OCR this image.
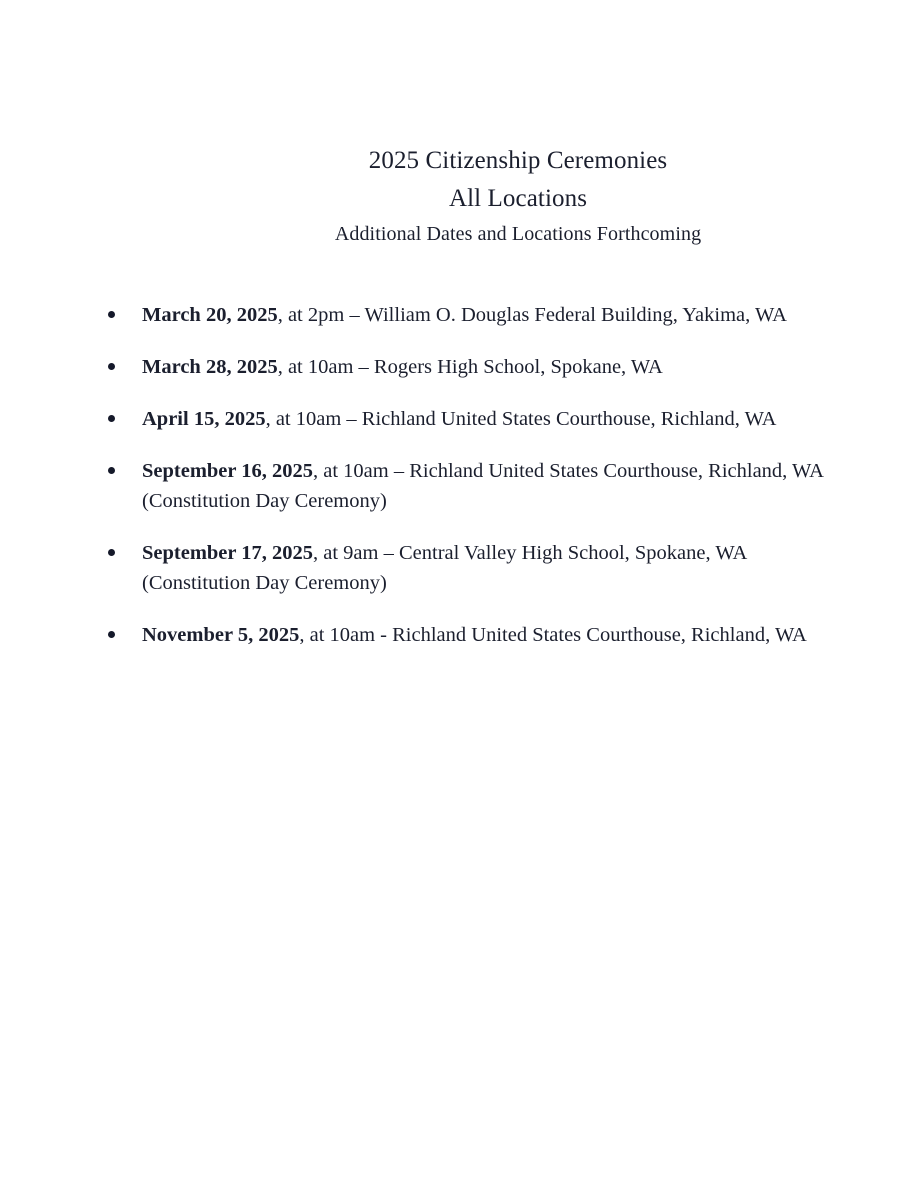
2025 Citizenship Ceremonies
All Locations
Additional Dates and Locations Forthcoming
March 20, 2025, at 2pm – William O. Douglas Federal Building, Yakima, WA
March 28, 2025, at 10am – Rogers High School, Spokane, WA
April 15, 2025, at 10am – Richland United States Courthouse, Richland, WA
September 16, 2025, at 10am – Richland United States Courthouse, Richland, WA
(Constitution Day Ceremony)
September 17, 2025, at 9am – Central Valley High School, Spokane, WA
(Constitution Day Ceremony)
November 5, 2025, at 10am - Richland United States Courthouse, Richland, WA
